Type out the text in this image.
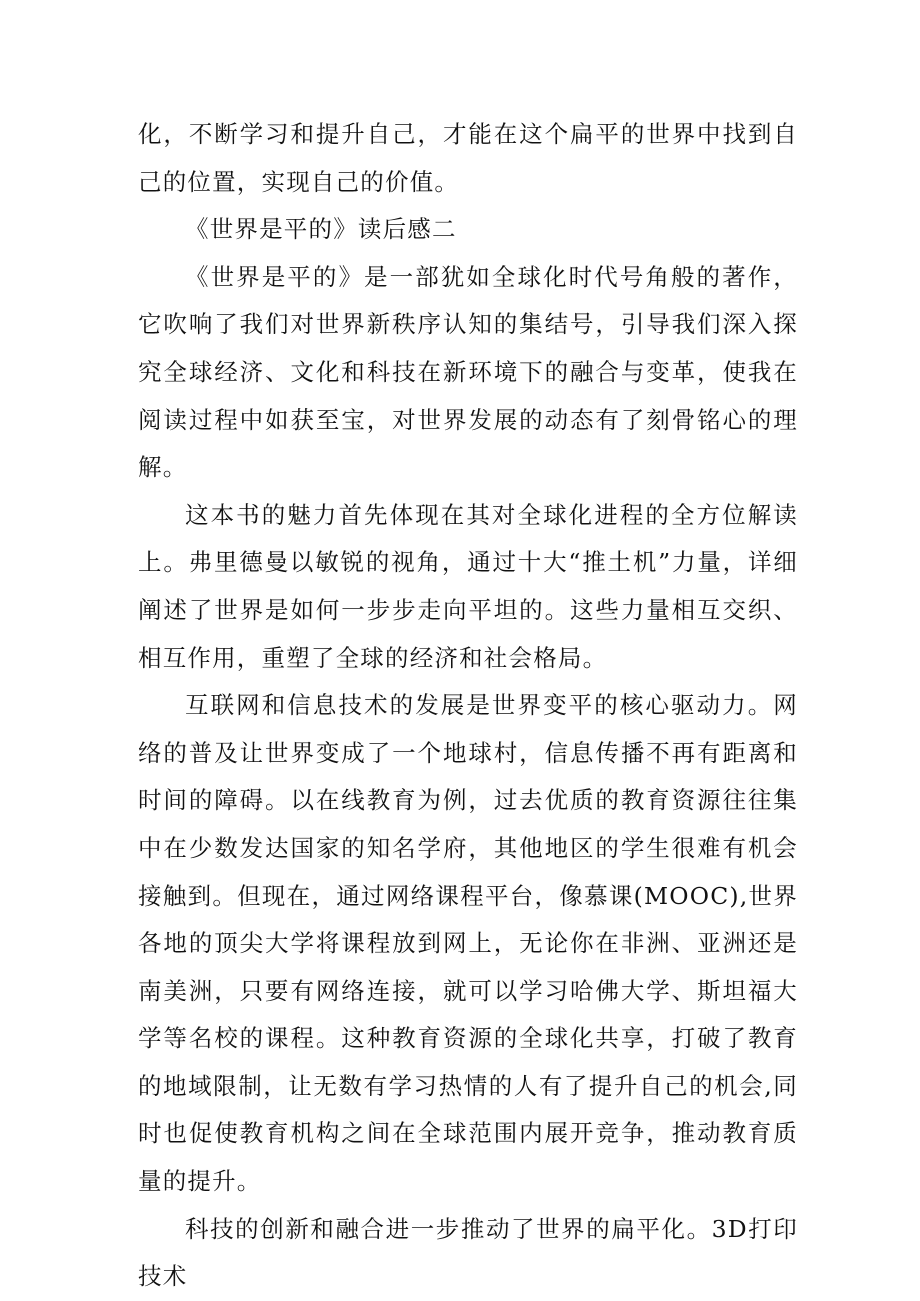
化，不断学习和提升自己，才能在这个扁平的世界中找到自己的位置，实现自己的价值。

《世界是平的》读后感二

《世界是平的》是一部犹如全球化时代号角般的著作，它吹响了我们对世界新秩序认知的集结号，引导我们深入探究全球经济、文化和科技在新环境下的融合与变革，使我在阅读过程中如获至宝，对世界发展的动态有了刻骨铭心的理解。

这本书的魅力首先体现在其对全球化进程的全方位解读上。弗里德曼以敏锐的视角，通过十大“推土机”力量，详细阐述了世界是如何一步步走向平坦的。这些力量相互交织、相互作用，重塑了全球的经济和社会格局。

互联网和信息技术的发展是世界变平的核心驱动力。网络的普及让世界变成了一个地球村，信息传播不再有距离和时间的障碍。以在线教育为例，过去优质的教育资源往往集中在少数发达国家的知名学府，其他地区的学生很难有机会接触到。但现在，通过网络课程平台，像慕课(MOOC),世界各地的顶尖大学将课程放到网上，无论你在非洲、亚洲还是南美洲，只要有网络连接，就可以学习哈佛大学、斯坦福大学等名校的课程。这种教育资源的全球化共享，打破了教育的地域限制，让无数有学习热情的人有了提升自己的机会,同时也促使教育机构之间在全球范围内展开竞争，推动教育质量的提升。

科技的创新和融合进一步推动了世界的扁平化。3D打印技术
